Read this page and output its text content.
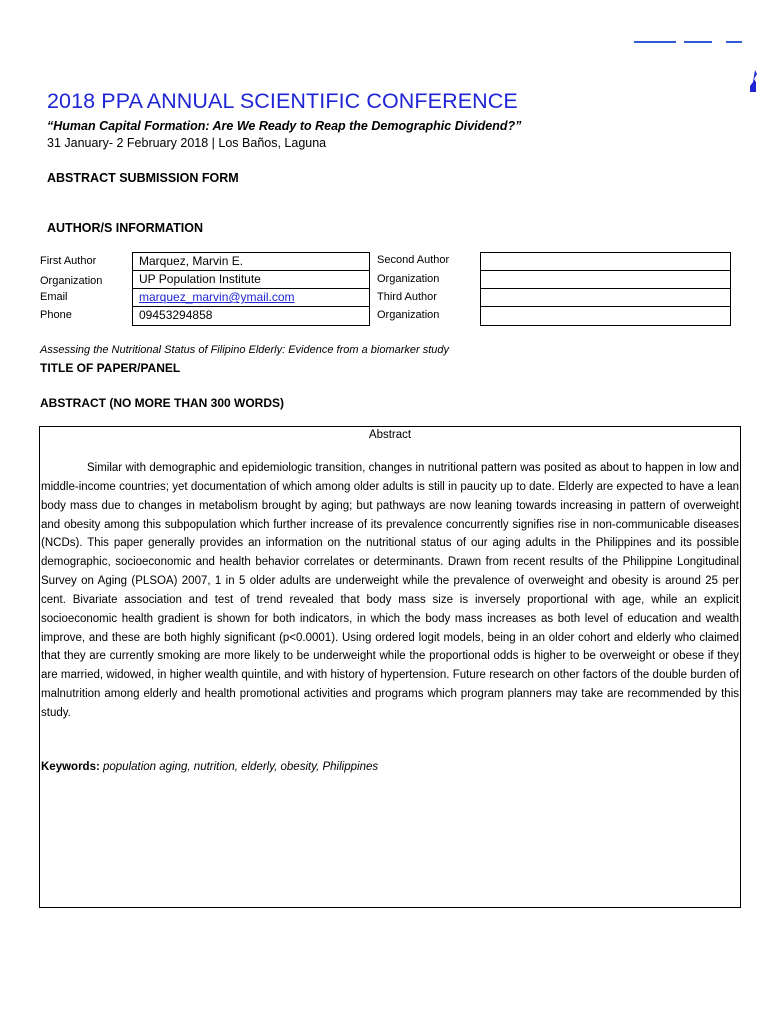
2018 PPA ANNUAL SCIENTIFIC CONFERENCE
“Human Capital Formation: Are We Ready to Reap the Demographic Dividend?”
31 January- 2 February 2018 | Los Baños, Laguna
ABSTRACT SUBMISSION FORM
AUTHOR/S INFORMATION
First Author
Organization
Email
Phone
Marquez, Marvin E.
UP Population Institute
marquez_marvin@ymail.com
09453294858
Second Author
Organization
Third Author
Organization
Assessing the Nutritional Status of Filipino Elderly: Evidence from a biomarker study
TITLE OF PAPER/PANEL
ABSTRACT (NO MORE THAN 300 WORDS)
Abstract

Similar with demographic and epidemiologic transition, changes in nutritional pattern was posited as about to happen in low and middle-income countries; yet documentation of which among older adults is still in paucity up to date. Elderly are expected to have a lean body mass due to changes in metabolism brought by aging; but pathways are now leaning towards increasing in pattern of overweight and obesity among this subpopulation which further increase of its prevalence concurrently signifies rise in non-communicable diseases (NCDs). This paper generally provides an information on the nutritional status of our aging adults in the Philippines and its possible demographic, socioeconomic and health behavior correlates or determinants. Drawn from recent results of the Philippine Longitudinal Survey on Aging (PLSOA) 2007, 1 in 5 older adults are underweight while the prevalence of overweight and obesity is around 25 per cent. Bivariate association and test of trend revealed that body mass size is inversely proportional with age, while an explicit socioeconomic health gradient is shown for both indicators, in which the body mass increases as both level of education and wealth improve, and these are both highly significant (p<0.0001). Using ordered logit models, being in an older cohort and elderly who claimed that they are currently smoking are more likely to be underweight while the proportional odds is higher to be overweight or obese if they are married, widowed, in higher wealth quintile, and with history of hypertension. Future research on other factors of the double burden of malnutrition among elderly and health promotional activities and programs which program planners may take are recommended by this study.

Keywords: population aging, nutrition, elderly, obesity, Philippines
